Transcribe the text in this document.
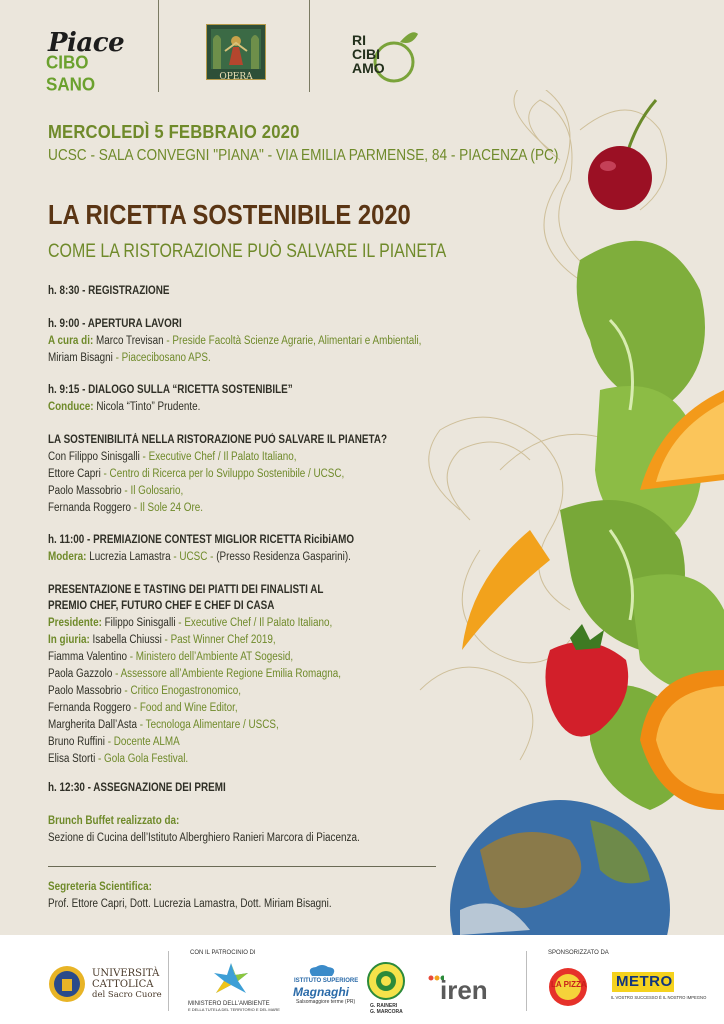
Piace
CIBO SANO	OPERA
RI
CIBI
AMO
MERCOLEDÌ 5 FEBBRAIO 2020
UCSC - SALA CONVEGNI "PIANA" - VIA EMILIA PARMENSE, 84 - PIACENZA (PC)
LA RICETTA SOSTENIBILE 2020
COME LA RISTORAZIONE PUÒ SALVARE IL PIANETA
h. 8:30 - REGISTRAZIONE
h. 9:00 - APERTURA LAVORI
A cura di: Marco Trevisan - Preside Facoltà Scienze Agrarie, Alimentari e Ambientali,
Miriam Bisagni - Piacecibosano APS.
h. 9:15 - DIALOGO SULLA “RICETTA SOSTENIBILE”
Conduce: Nicola “Tinto” Prudente.
LA SOSTENIBILITÀ NELLA RISTORAZIONE PUÒ SALVARE IL PIANETA?
Con Filippo Sinisgalli - Executive Chef / Il Palato Italiano,
Ettore Capri - Centro di Ricerca per lo Sviluppo Sostenibile / UCSC,
Paolo Massobrio - Il Golosario,
Fernanda Roggero - Il Sole 24 Ore.
h. 11:00 - PREMIAZIONE CONTEST MIGLIOR RICETTA RicibiAMO
Modera: Lucrezia Lamastra - UCSC - (Presso Residenza Gasparini).
PRESENTAZIONE E TASTING DEI PIATTI DEI FINALISTI AL
PREMIO CHEF, FUTURO CHEF E CHEF DI CASA
Presidente: Filippo Sinisgalli - Executive Chef / Il Palato Italiano,
In giuria: Isabella Chiussi - Past Winner Chef 2019,
Fiamma Valentino - Ministero dell’Ambiente AT Sogesid,
Paola Gazzolo - Assessore all’Ambiente Regione Emilia Romagna,
Paolo Massobrio - Critico Enogastronomico,
Fernanda Roggero - Food and Wine Editor,
Margherita Dall’Asta - Tecnologa Alimentare / USCS,
Bruno Ruffini - Docente ALMA
Elisa Storti - Gola Gola Festival.
h. 12:30 - ASSEGNAZIONE DEI PREMI
Brunch Buffet realizzato da:
Sezione di Cucina dell’Istituto Alberghiero Ranieri Marcora di Piacenza.
Segreteria Scientifica:
Prof. Ettore Capri, Dott. Lucrezia Lamastra, Dott. Miriam Bisagni.
UNIVERSITÀ
CATTOLICA
del Sacro Cuore
CON IL PATROCINIO DI
MINISTERO DELL’AMBIENTE
E DELLA TUTELA DEL TERRITORIO E DEL MARE
ISTITUTO SUPERIORE
Magnaghi
Salsomaggiore terme (PR)
G. RAINERI
G. MARCORA
iren
SPONSORIZZATO DA
LA PIZZA METRO
IL VOSTRO SUCCESSO È IL NOSTRO IMPEGNO
